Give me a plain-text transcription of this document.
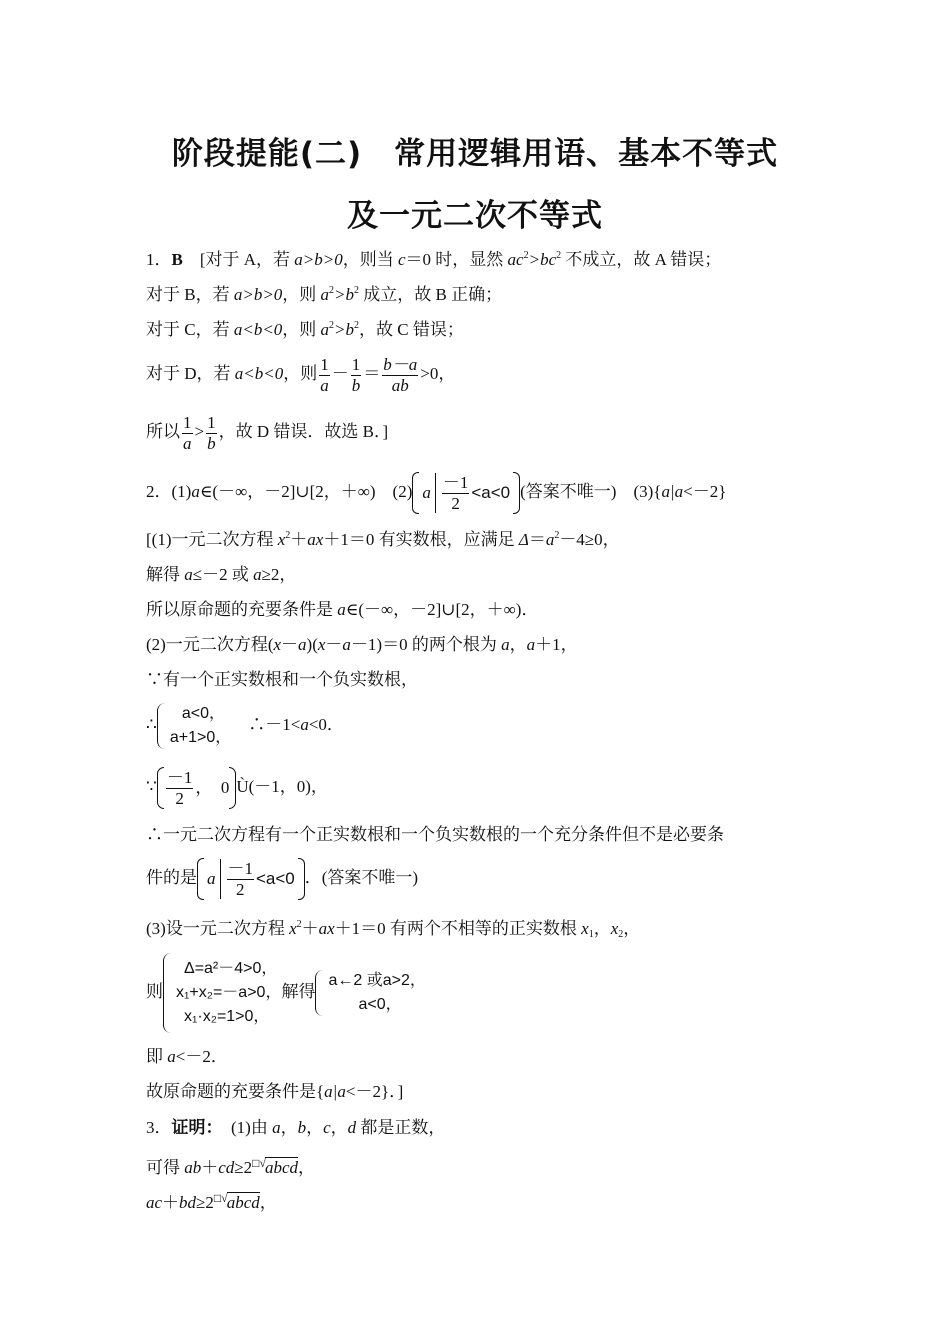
阶段提能(二)　常用逻辑用语、基本不等式
及一元二次不等式
1．B　 [对于 A，若 a>b>0，则当 c＝0 时，显然 $ac^2>bc^2$ 不成立，故 A 错误；
对于 B，若 a>b>0，则 $a^2>b^2$ 成立，故 B 正确；
对于 C，若 a<b<0，则 $a^2>b^2$，故 C 错误；
对于 D，若 a<b<0，则 $\frac{1}{a} - \frac{1}{b} = \frac{b-a}{ab} >0$，
所以 $\frac{1}{a} > \frac{1}{b}$ ，故 D 错误．故选 B．]
2．(1)a∈(－∞，－2]∪[2，＋∞)　(2) a $\frac{-1}{2} <a<0$ (答案不唯一)　(3){a|a<－2}
[(1)一元二次方程 $x^2+ax+1=0$ 有实数根，应满足 $\Delta=a^2-4\ge 0$，
解得 a≤－2 或 a≥2，
所以原命题的充要条件是 a∈(－∞，－2]∪[2，＋∞)．
(2)一元二次方程(x－a)(x－a－1)＝0 的两个根为 a，a＋1，
∵有一个正实数根和一个负实数根，
∴
a<0，
a+1>0，
　∴－1<a<0．
∵ $\frac{-1}{2}$ ，　0 Ù(－1，0)，
∴一元二次方程有一个正实数根和一个负实数根的一个充分条件但不是必要条
件的是 a $\frac{-1}{2} <a<0$ ．(答案不唯一)
(3)设一元二次方程 $x^2+ax+1=0$ 有两个不相等的正实数根 $x_1$，$x_2$，
则
Δ=a²－4>0，
x₁+x₂=－a>0，
x₁·x₂=1>0，
解得
a←2 或a>2，
a<0，
即 a<－2．
故原命题的充要条件是{a|a<－2}．]
3．证明：　(1)由 a，b，c，d 都是正数，
可得 ab＋cd≥2□√abcd，
ac＋bd≥2□√abcd，
